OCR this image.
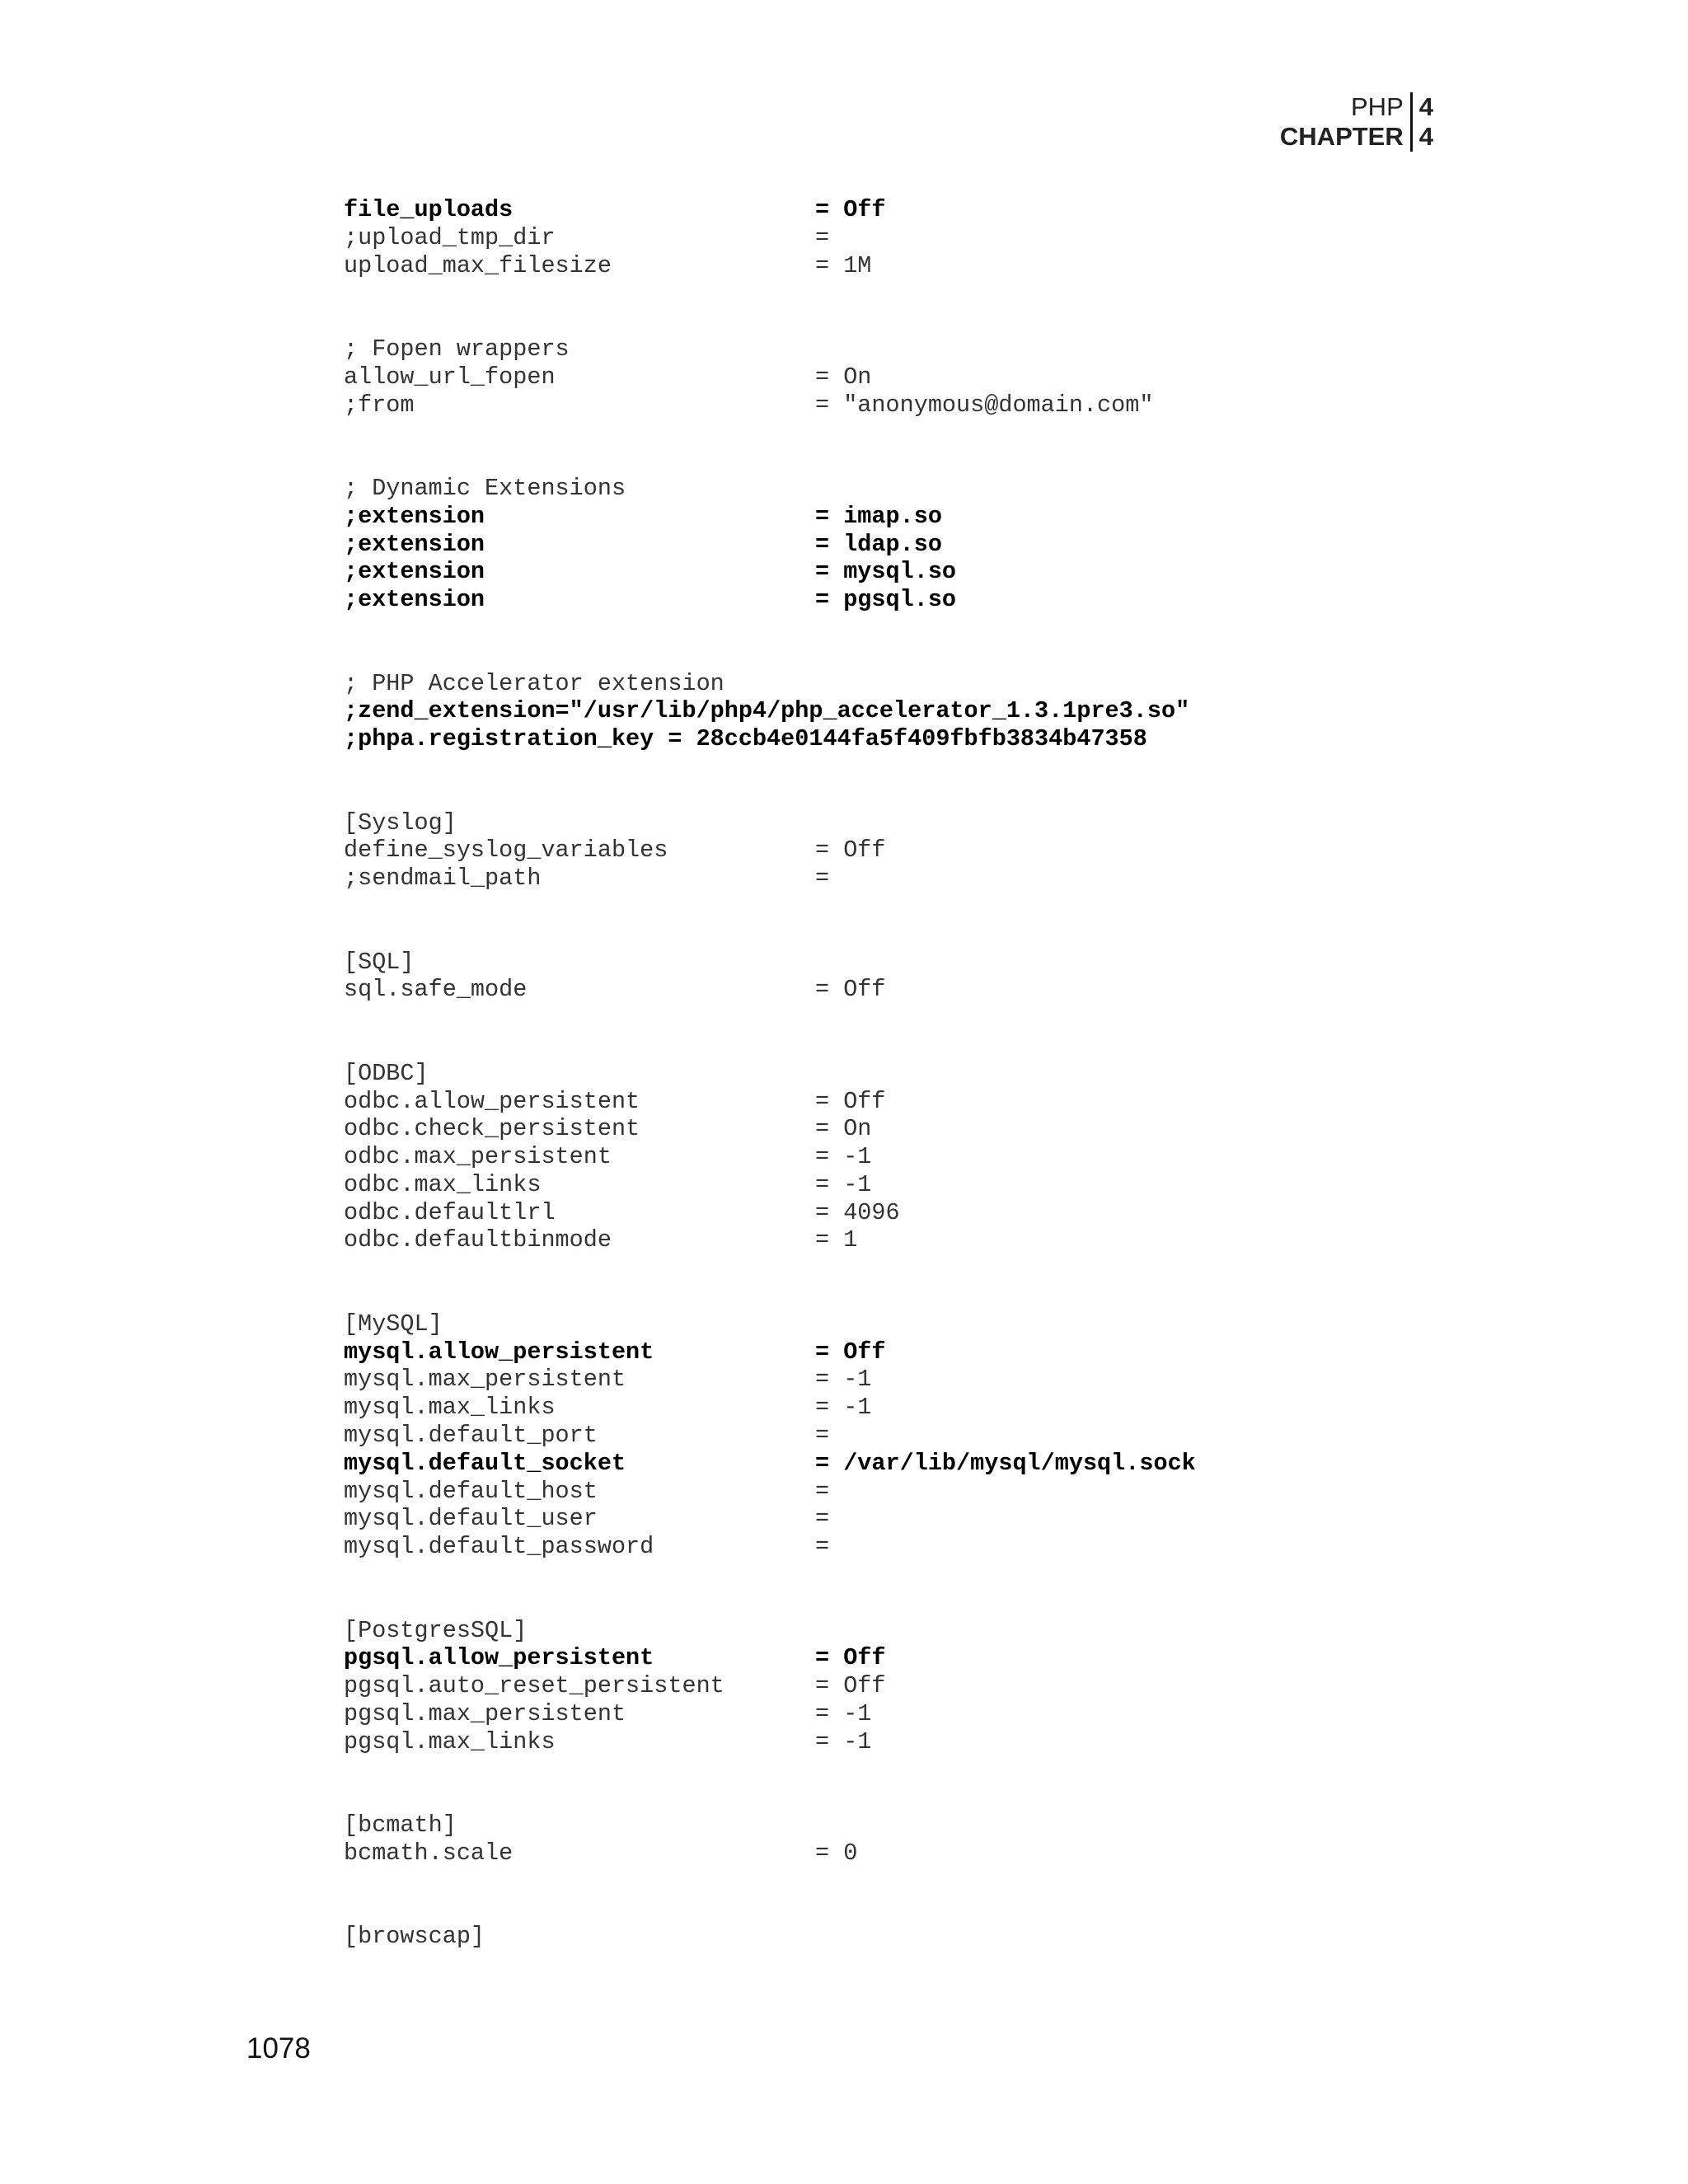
PHP 4
CHAPTER 4
file_uploads	= Off
;upload_tmp_dir	=
upload_max_filesize	= 1M
; Fopen wrappers
allow_url_fopen	= On
;from	= "anonymous@domain.com"
; Dynamic Extensions
;extension	= imap.so
;extension	= ldap.so
;extension	= mysql.so
;extension	= pgsql.so
; PHP Accelerator extension
;zend_extension="/usr/lib/php4/php_accelerator_1.3.1pre3.so"
;phpa.registration_key = 28ccb4e0144fa5f409fbfb3834b47358
[Syslog]
define_syslog_variables	= Off
;sendmail_path	=
[SQL]
sql.safe_mode	= Off
[ODBC]
odbc.allow_persistent	= Off
odbc.check_persistent	= On
odbc.max_persistent	= -1
odbc.max_links	= -1
odbc.defaultlrl	= 4096
odbc.defaultbinmode	= 1
[MySQL]
mysql.allow_persistent	= Off
mysql.max_persistent	= -1
mysql.max_links	= -1
mysql.default_port	=
mysql.default_socket	= /var/lib/mysql/mysql.sock
mysql.default_host	=
mysql.default_user	=
mysql.default_password	=
[PostgresSQL]
pgsql.allow_persistent	= Off
pgsql.auto_reset_persistent	= Off
pgsql.max_persistent	= -1
pgsql.max_links	= -1
[bcmath]
bcmath.scale	= 0
[browscap]
1078
